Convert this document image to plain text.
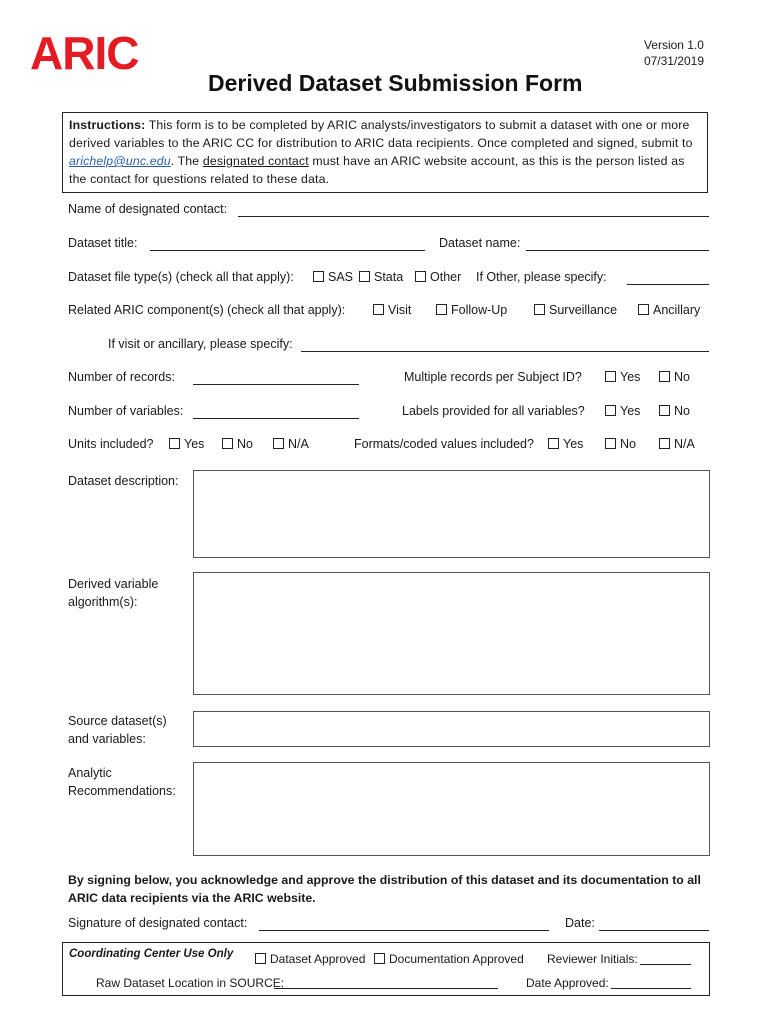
ARIC	Version 1.0
07/31/2019
Derived Dataset Submission Form
Instructions: This form is to be completed by ARIC analysts/investigators to submit a dataset with one or more derived variables to the ARIC CC for distribution to ARIC data recipients. Once completed and signed, submit to arichelp@unc.edu. The designated contact must have an ARIC website account, as this is the person listed as the contact for questions related to these data.
Name of designated contact:
Dataset title:	Dataset name:
Dataset file type(s) (check all that apply):	SAS	Stata	Other If Other, please specify:
Related ARIC component(s) (check all that apply):	Visit	Follow-Up	Surveillance	Ancillary
If visit or ancillary, please specify:
Number of records:	Multiple records per Subject ID?	Yes	No
Number of variables:	Labels provided for all variables?	Yes	No
Units included?	Yes	No	N/A	Formats/coded values included?	Yes	No	N/A
Dataset description:
Derived variable algorithm(s):
Source dataset(s) and variables:
Analytic Recommendations:
By signing below, you acknowledge and approve the distribution of this dataset and its documentation to all ARIC data recipients via the ARIC website.
Signature of designated contact:	Date:
Coordinating Center Use Only	Dataset Approved	Documentation Approved Reviewer Initials:
Raw Dataset Location in SOURCE:	Date Approved:
